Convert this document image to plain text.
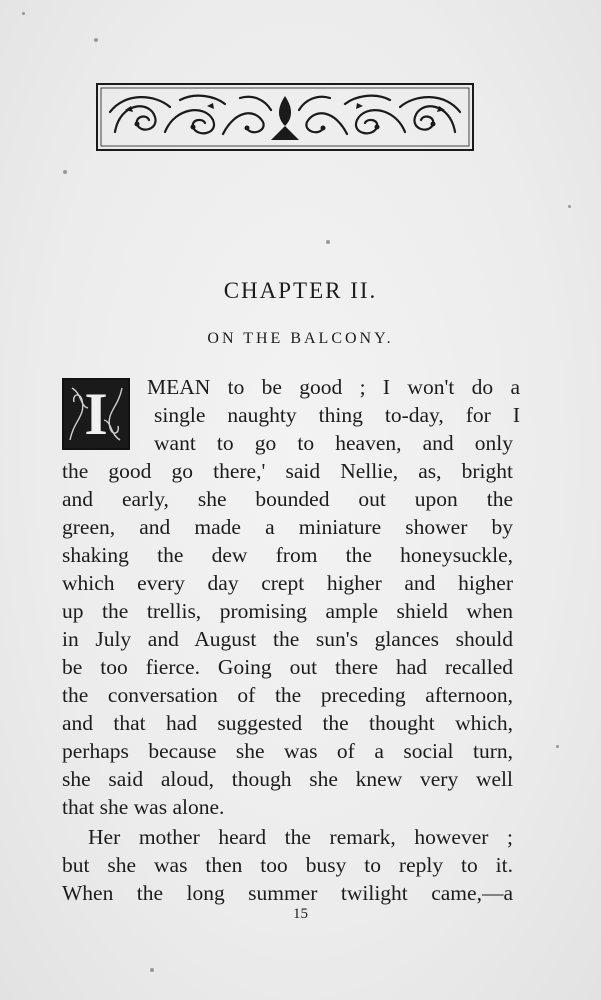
CHAPTER II.
ON THE BALCONY.
I	MEAN to be good ; I won't do a

single naughty thing to-day, for I

want to go to heaven, and only

the good go there,' said Nellie, as, bright

and early, she bounded out upon the

green, and made a miniature shower by

shaking the dew from the honeysuckle,

which every day crept higher and higher

up the trellis, promising ample shield when

in July and August the sun's glances should

be too fierce. Going out there had recalled

the conversation of the preceding afternoon,

and that had suggested the thought which,

perhaps because she was of a social turn,

she said aloud, though she knew very well

that she was alone.

Her mother heard the remark, however ;

but she was then too busy to reply to it.

When the long summer twilight came,—a

15
